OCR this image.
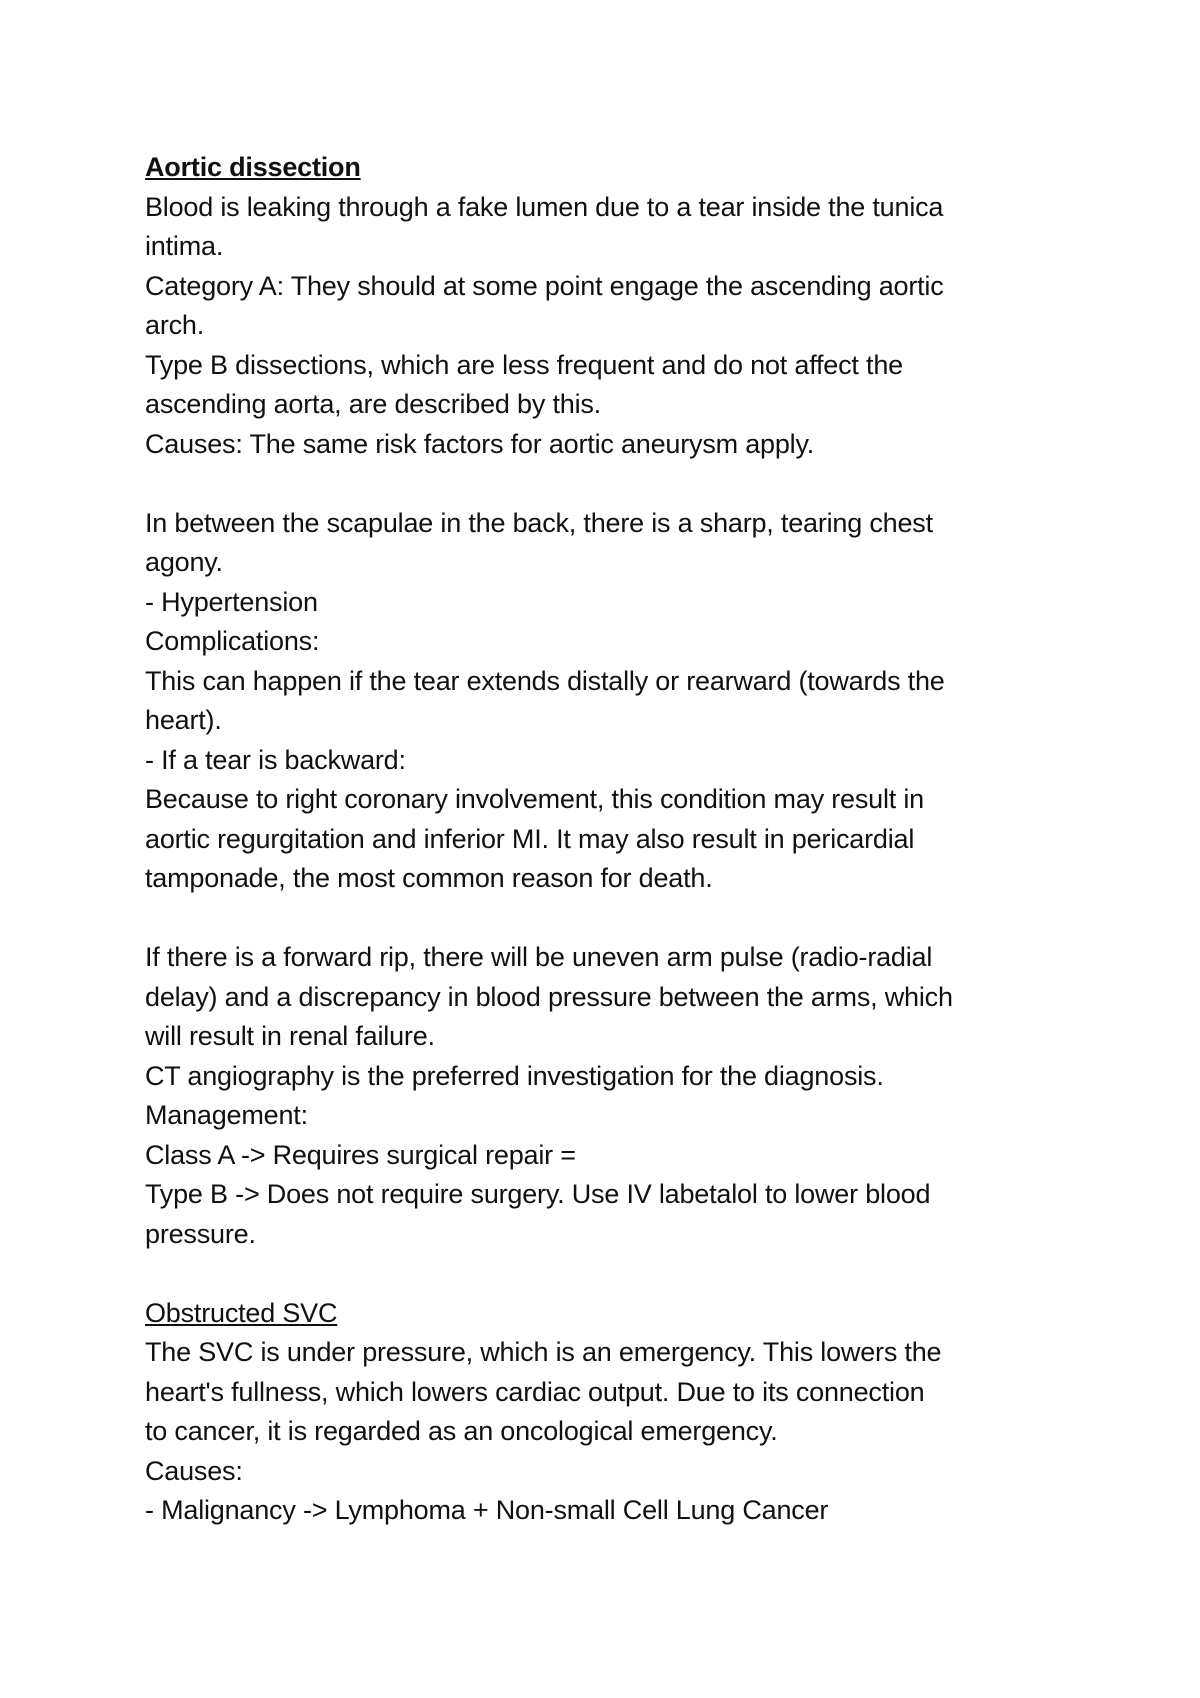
Aortic dissection
Blood is leaking through a fake lumen due to a tear inside the tunica
intima.
Category A: They should at some point engage the ascending aortic
arch.
Type B dissections, which are less frequent and do not affect the
ascending aorta, are described by this.
Causes: The same risk factors for aortic aneurysm apply.
In between the scapulae in the back, there is a sharp, tearing chest
agony.
- Hypertension
Complications:
This can happen if the tear extends distally or rearward (towards the
heart).
- If a tear is backward:
Because to right coronary involvement, this condition may result in
aortic regurgitation and inferior MI. It may also result in pericardial
tamponade, the most common reason for death.
If there is a forward rip, there will be uneven arm pulse (radio-radial
delay) and a discrepancy in blood pressure between the arms, which
will result in renal failure.
CT angiography is the preferred investigation for the diagnosis.
Management:
Class A -> Requires surgical repair =
Type B -> Does not require surgery. Use IV labetalol to lower blood
pressure.
Obstructed SVC
The SVC is under pressure, which is an emergency. This lowers the
heart's fullness, which lowers cardiac output. Due to its connection
to cancer, it is regarded as an oncological emergency.
Causes:
- Malignancy -> Lymphoma + Non-small Cell Lung Cancer
